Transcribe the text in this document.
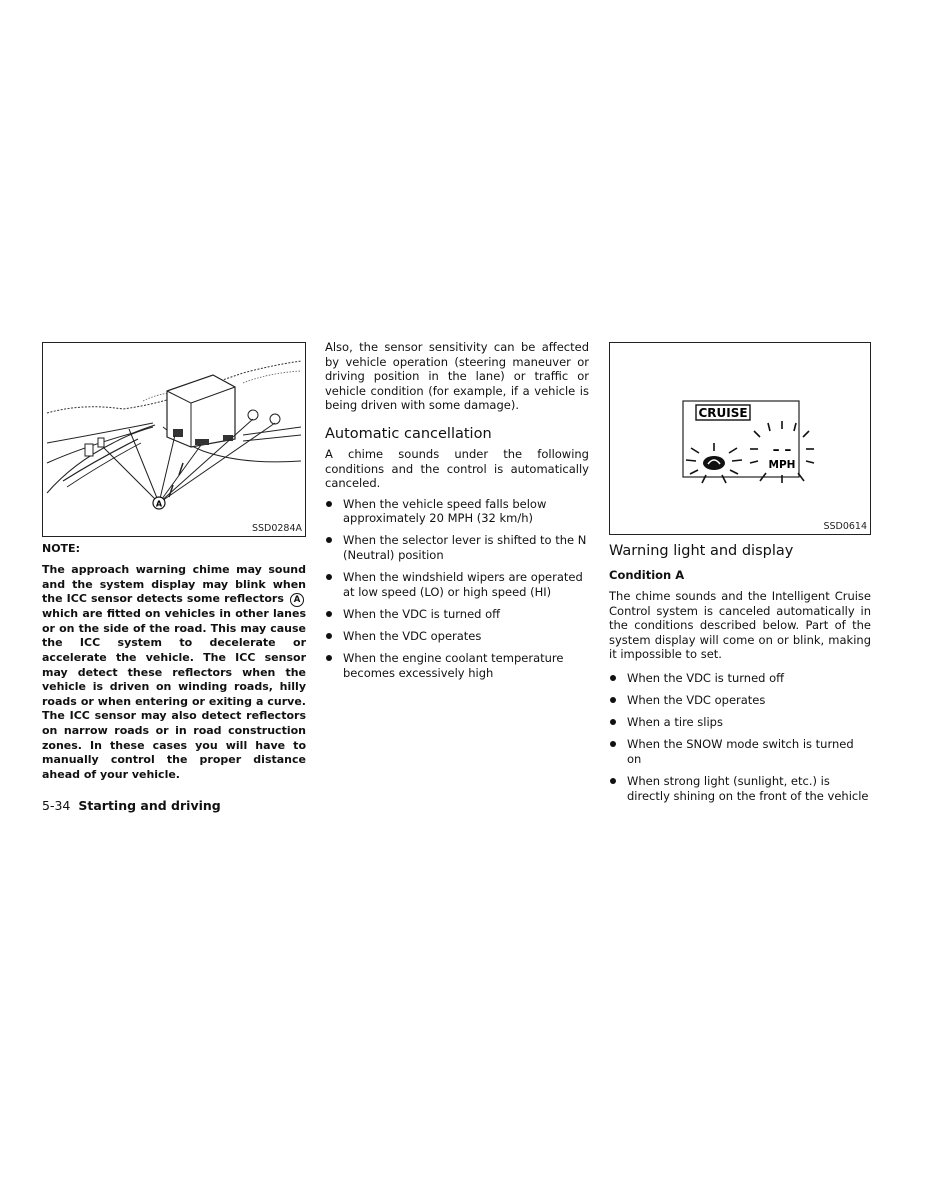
A
SSD0284A
NOTE:
The approach warning chime may sound and the system display may blink when the ICC sensor detects some reflectors A which are fitted on vehicles in other lanes or on the side of the road. This may cause the ICC system to decelerate or accelerate the vehicle. The ICC sensor may detect these reflectors when the vehicle is driven on winding roads, hilly roads or when entering or exiting a curve. The ICC sensor may also detect reflectors on narrow roads or in road construction zones. In these cases you will have to manually control the proper distance ahead of your vehicle.
Also, the sensor sensitivity can be affected by vehicle operation (steering maneuver or driving position in the lane) or traffic or vehicle condition (for example, if a vehicle is being driven with some damage).
Automatic cancellation
A chime sounds under the following conditions and the control is automatically canceled.
When the vehicle speed falls below approximately 20 MPH (32 km/h)
When the selector lever is shifted to the N (Neutral) position
When the windshield wipers are operated at low speed (LO) or high speed (HI)
When the VDC is turned off
When the VDC operates
When the engine coolant temperature becomes excessively high
CRUISE
– –
MPH
SSD0614
Warning light and display
Condition A
The chime sounds and the Intelligent Cruise Control system is canceled automatically in the conditions described below. Part of the system display will come on or blink, making it impossible to set.
When the VDC is turned off
When the VDC operates
When a tire slips
When the SNOW mode switch is turned on
When strong light (sunlight, etc.) is directly shining on the front of the vehicle
5-34 Starting and driving
